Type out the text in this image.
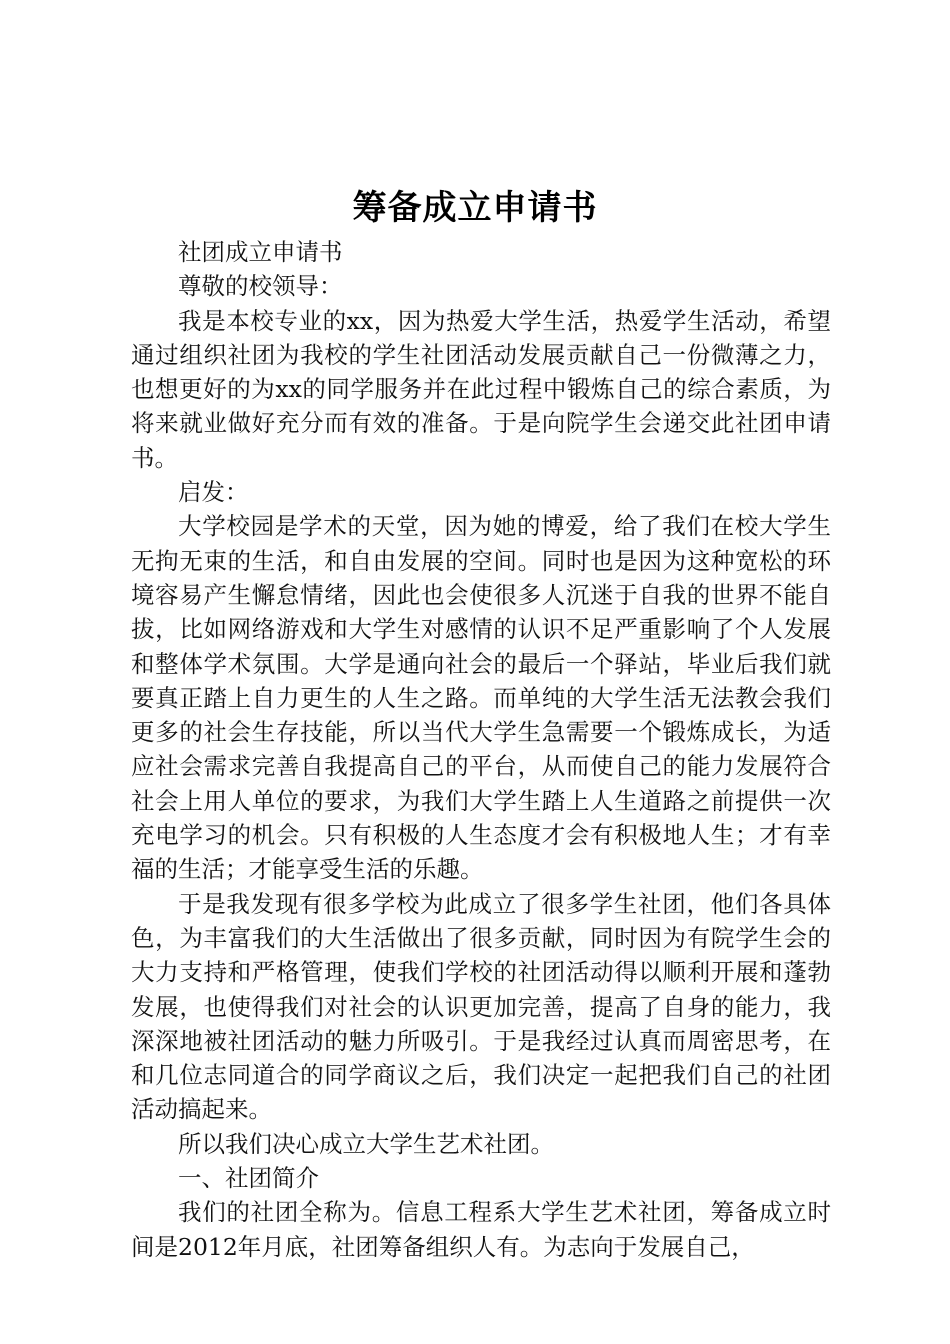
筹备成立申请书

社团成立申请书

尊敬的校领导：

我是本校专业的xx，因为热爱大学生活，热爱学生活动，希望通过组织社团为我校的学生社团活动发展贡献自己一份微薄之力，也想更好的为xx的同学服务并在此过程中锻炼自己的综合素质，为将来就业做好充分而有效的准备。于是向院学生会递交此社团申请书。

启发：

大学校园是学术的天堂，因为她的博爱，给了我们在校大学生无拘无束的生活，和自由发展的空间。同时也是因为这种宽松的环境容易产生懈怠情绪，因此也会使很多人沉迷于自我的世界不能自拔，比如网络游戏和大学生对感情的认识不足严重影响了个人发展和整体学术氛围。大学是通向社会的最后一个驿站，毕业后我们就要真正踏上自力更生的人生之路。而单纯的大学生活无法教会我们更多的社会生存技能，所以当代大学生急需要一个锻炼成长，为适应社会需求完善自我提高自己的平台，从而使自己的能力发展符合社会上用人单位的要求，为我们大学生踏上人生道路之前提供一次充电学习的机会。只有积极的人生态度才会有积极地人生；才有幸福的生活；才能享受生活的乐趣。

于是我发现有很多学校为此成立了很多学生社团，他们各具体色，为丰富我们的大生活做出了很多贡献，同时因为有院学生会的大力支持和严格管理，使我们学校的社团活动得以顺利开展和蓬勃发展，也使得我们对社会的认识更加完善，提高了自身的能力，我深深地被社团活动的魅力所吸引。于是我经过认真而周密思考，在和几位志同道合的同学商议之后，我们决定一起把我们自己的社团活动搞起来。

所以我们决心成立大学生艺术社团。

一、社团简介

我们的社团全称为。信息工程系大学生艺术社团，筹备成立时间是2012年月底，社团筹备组织人有。为志向于发展自己，
